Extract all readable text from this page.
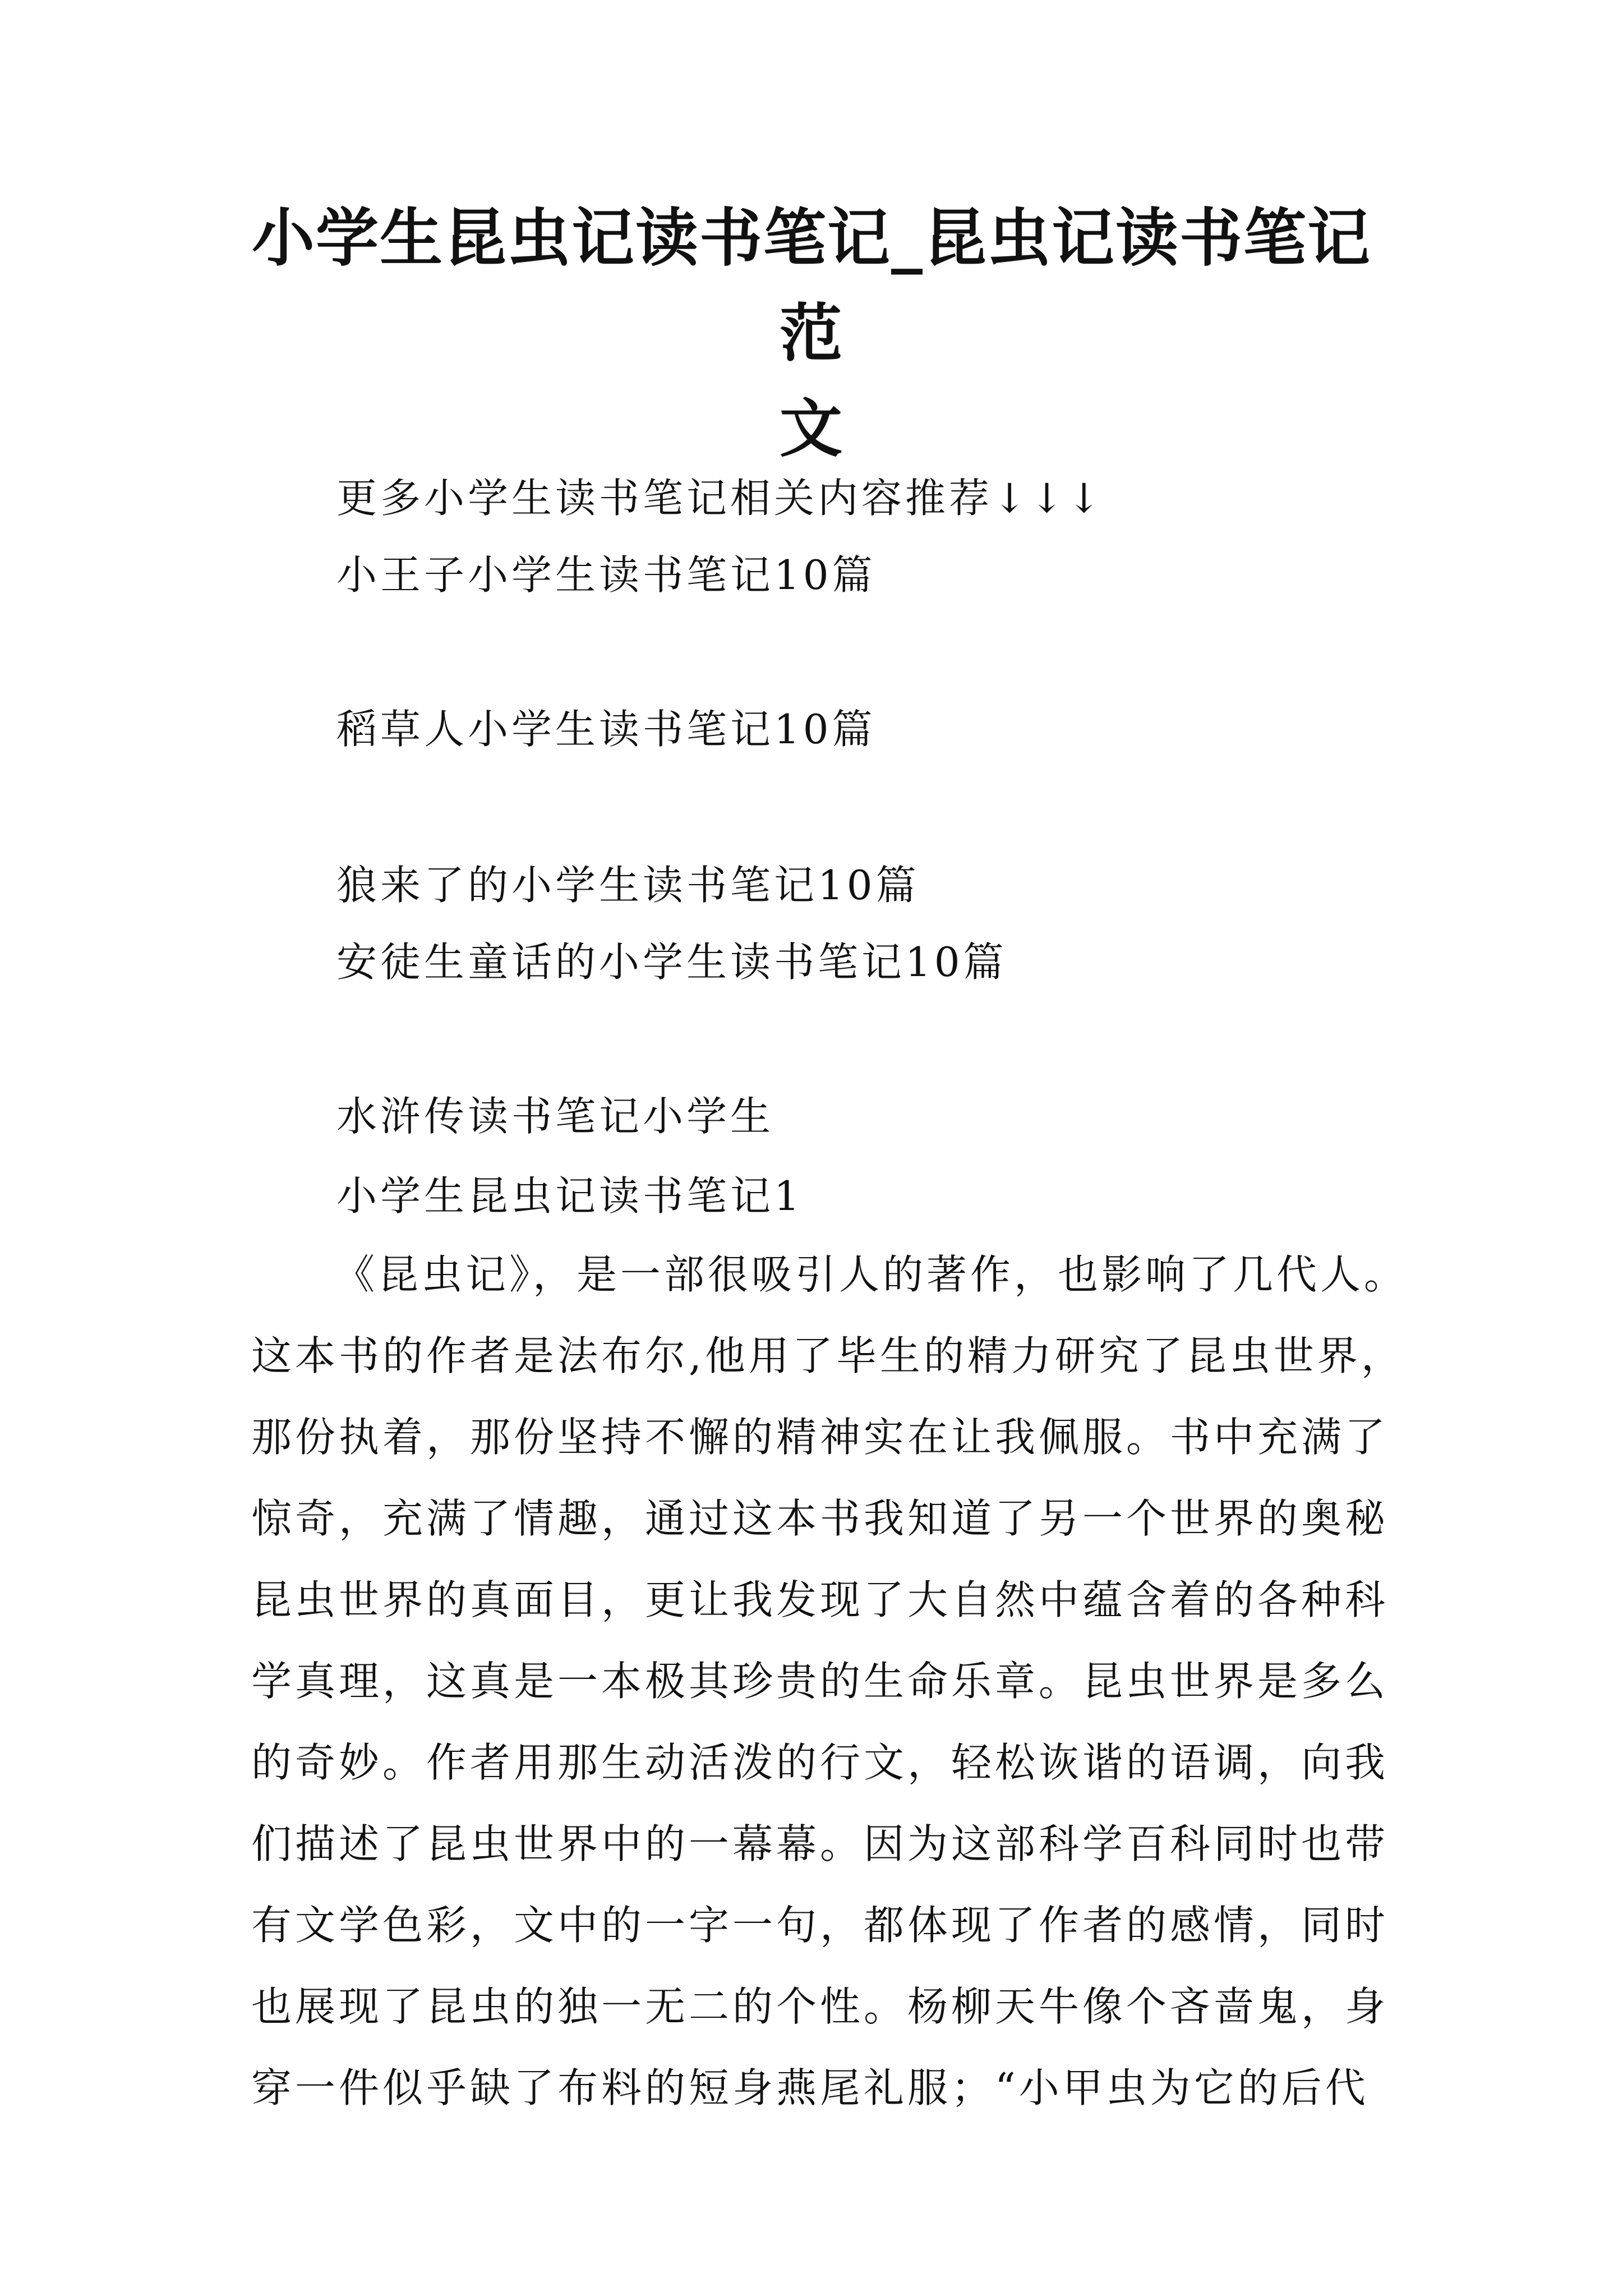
小学生昆虫记读书笔记_昆虫记读书笔记范
文
更多小学生读书笔记相关内容推荐↓↓↓
小王子小学生读书笔记10篇
稻草人小学生读书笔记10篇
狼来了的小学生读书笔记10篇
安徒生童话的小学生读书笔记10篇
水浒传读书笔记小学生
小学生昆虫记读书笔记1
《昆虫记》，是一部很吸引人的著作，也影响了几代人。
这本书的作者是法布尔,他用了毕生的精力研究了昆虫世界，
那份执着，那份坚持不懈的精神实在让我佩服。书中充满了
惊奇，充满了情趣，通过这本书我知道了另一个世界的奥秘
昆虫世界的真面目，更让我发现了大自然中蕴含着的各种科
学真理，这真是一本极其珍贵的生命乐章。昆虫世界是多么
的奇妙。作者用那生动活泼的行文，轻松诙谐的语调，向我
们描述了昆虫世界中的一幕幕。因为这部科学百科同时也带
有文学色彩，文中的一字一句，都体现了作者的感情，同时
也展现了昆虫的独一无二的个性。杨柳天牛像个吝啬鬼，身
穿一件似乎缺了布料的短身燕尾礼服；“小甲虫为它的后代
